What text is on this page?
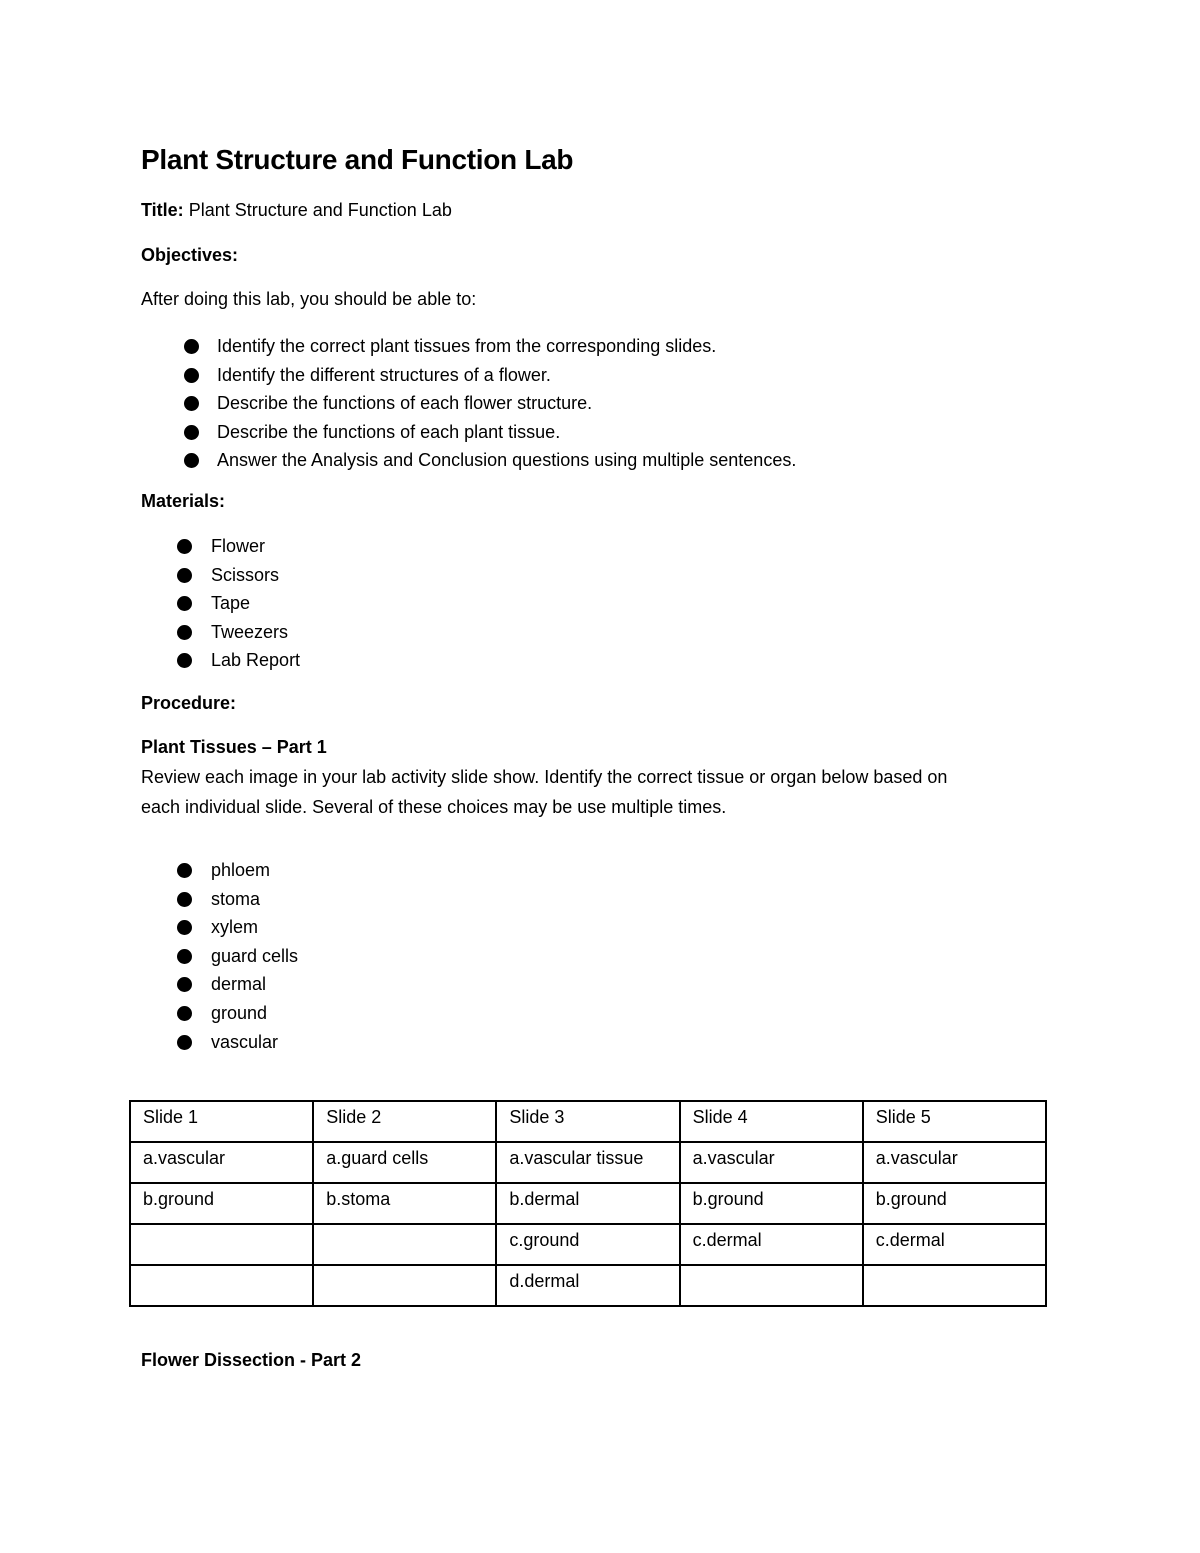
Plant Structure and Function Lab
Title: Plant Structure and Function Lab
Objectives:
After doing this lab, you should be able to:
Identify the correct plant tissues from the corresponding slides.
Identify the different structures of a flower.
Describe the functions of each flower structure.
Describe the functions of each plant tissue.
Answer the Analysis and Conclusion questions using multiple sentences.
Materials:
Flower
Scissors
Tape
Tweezers
Lab Report
Procedure:
Plant Tissues – Part 1
Review each image in your lab activity slide show. Identify the correct tissue or organ below based on
each individual slide. Several of these choices may be use multiple times.
phloem
stoma
xylem
guard cells
dermal
ground
vascular
Slide 1	Slide 2	Slide 3	Slide 4	Slide 5
a.vascular	a.guard cells	a.vascular tissue	a.vascular	a.vascular
b.ground	b.stoma	b.dermal	b.ground	b.ground
		c.ground	c.dermal	c.dermal
		d.dermal		
Flower Dissection - Part 2
